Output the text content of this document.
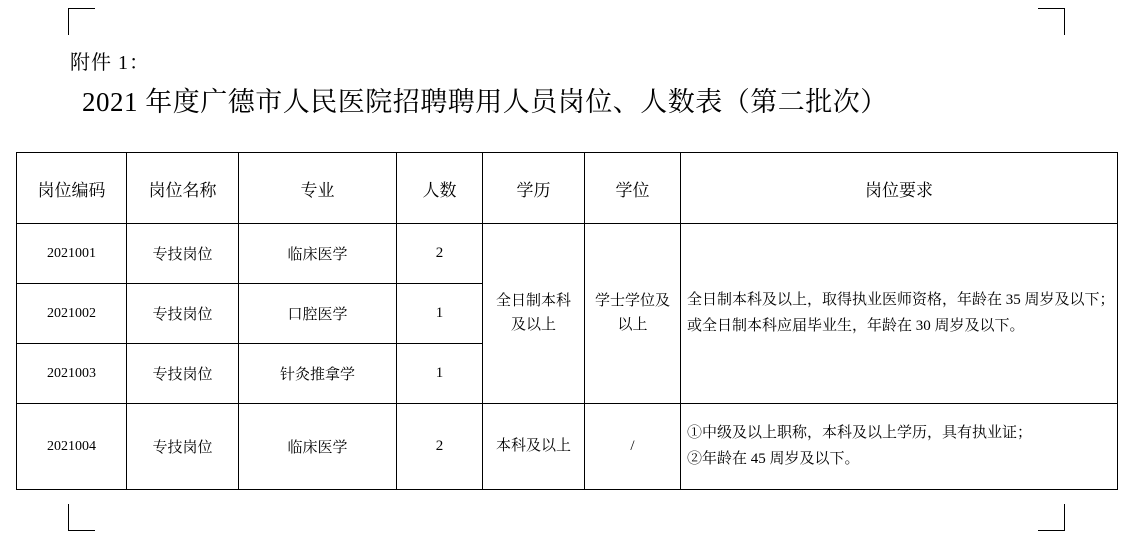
附件 1：
2021 年度广德市人民医院招聘聘用人员岗位、人数表（第二批次）
岗位编码	岗位名称	专业	人数	学历	学位	岗位要求
2021001	专技岗位	临床医学	2	全日制本科及以上	学士学位及以上	全日制本科及以上，取得执业医师资格，年龄在 35 周岁及以下；
或全日制本科应届毕业生，年龄在 30 周岁及以下。

2021002	专技岗位	口腔医学	1			
2021003	专技岗位	针灸推拿学	1			
2021004	专技岗位	临床医学	2	本科及以上	/	①中级及以上职称，本科及以上学历，具有执业证；
②年龄在 45 周岁及以下。
